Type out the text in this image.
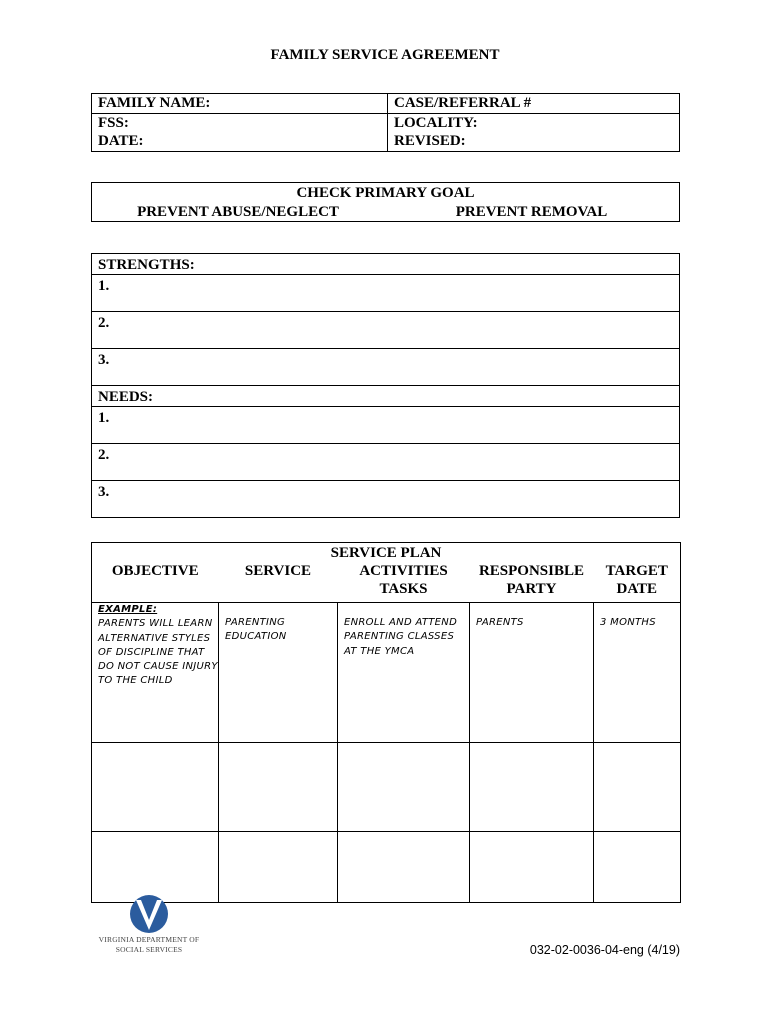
FAMILY SERVICE AGREEMENT
FAMILY NAME:	CASE/REFERRAL #
FSS:	LOCALITY:
DATE:	REVISED:
CHECK PRIMARY GOAL
PREVENT ABUSE/NEGLECT	PREVENT REMOVAL
STRENGTHS:
1.
2.
3.
NEEDS:
1.
2.
3.
SERVICE PLAN				
OBJECTIVE	SERVICE	ACTIVITIES TASKS	RESPONSIBLE PARTY	TARGET DATE

EXAMPLE:
PARENTS WILL LEARN ALTERNATIVE STYLES OF DISCIPLINE THAT DO NOT CAUSE INJURY TO THE CHILD	PARENTING EDUCATION	ENROLL AND ATTEND PARENTING CLASSES AT THE YMCA	PARENTS	3 MONTHS

VIRGINIA DEPARTMENT OF
SOCIAL SERVICES	032-02-0036-04-eng (4/19)
